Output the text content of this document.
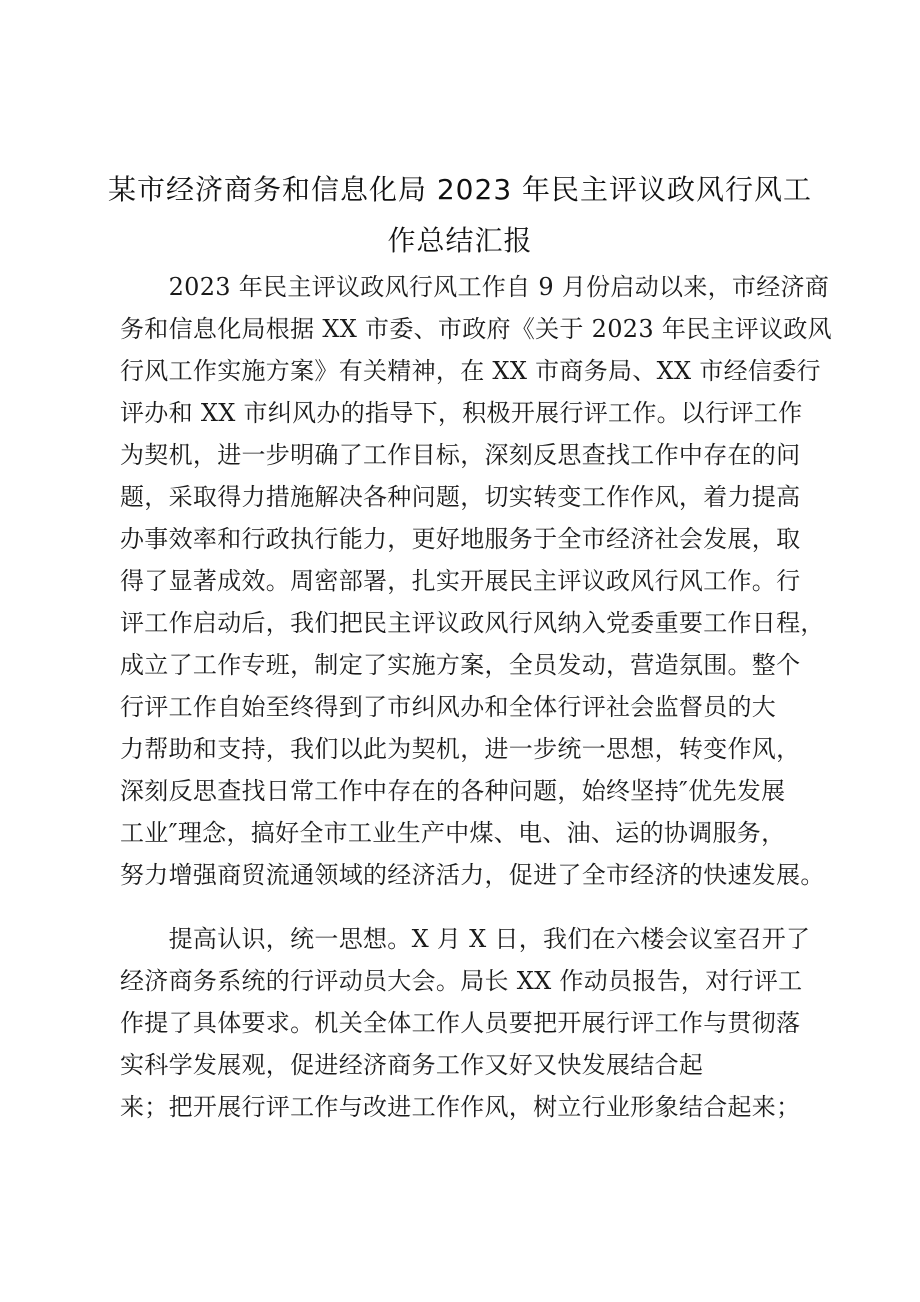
某市经济商务和信息化局 2023 年民主评议政风行风工
作总结汇报
　　2023 年民主评议政风行风工作自 9 月份启动以来，市经济商
务和信息化局根据 XX 市委、市政府《关于 2023 年民主评议政风
行风工作实施方案》有关精神，在 XX 市商务局、XX 市经信委行
评办和 XX 市纠风办的指导下，积极开展行评工作。以行评工作
为契机，进一步明确了工作目标，深刻反思查找工作中存在的问
题，采取得力措施解决各种问题，切实转变工作作风，着力提高
办事效率和行政执行能力，更好地服务于全市经济社会发展，取
得了显著成效。周密部署，扎实开展民主评议政风行风工作。行
评工作启动后，我们把民主评议政风行风纳入党委重要工作日程，
成立了工作专班，制定了实施方案，全员发动，营造氛围。整个
行评工作自始至终得到了市纠风办和全体行评社会监督员的大
力帮助和支持，我们以此为契机，进一步统一思想，转变作风，
深刻反思查找日常工作中存在的各种问题，始终坚持″优先发展
工业″理念，搞好全市工业生产中煤、电、油、运的协调服务，
努力增强商贸流通领域的经济活力，促进了全市经济的快速发展。
　　提高认识，统一思想。X 月 X 日，我们在六楼会议室召开了
经济商务系统的行评动员大会。局长 XX 作动员报告，对行评工
作提了具体要求。机关全体工作人员要把开展行评工作与贯彻落
实科学发展观，促进经济商务工作又好又快发展结合起
来；把开展行评工作与改进工作作风，树立行业形象结合起来；
